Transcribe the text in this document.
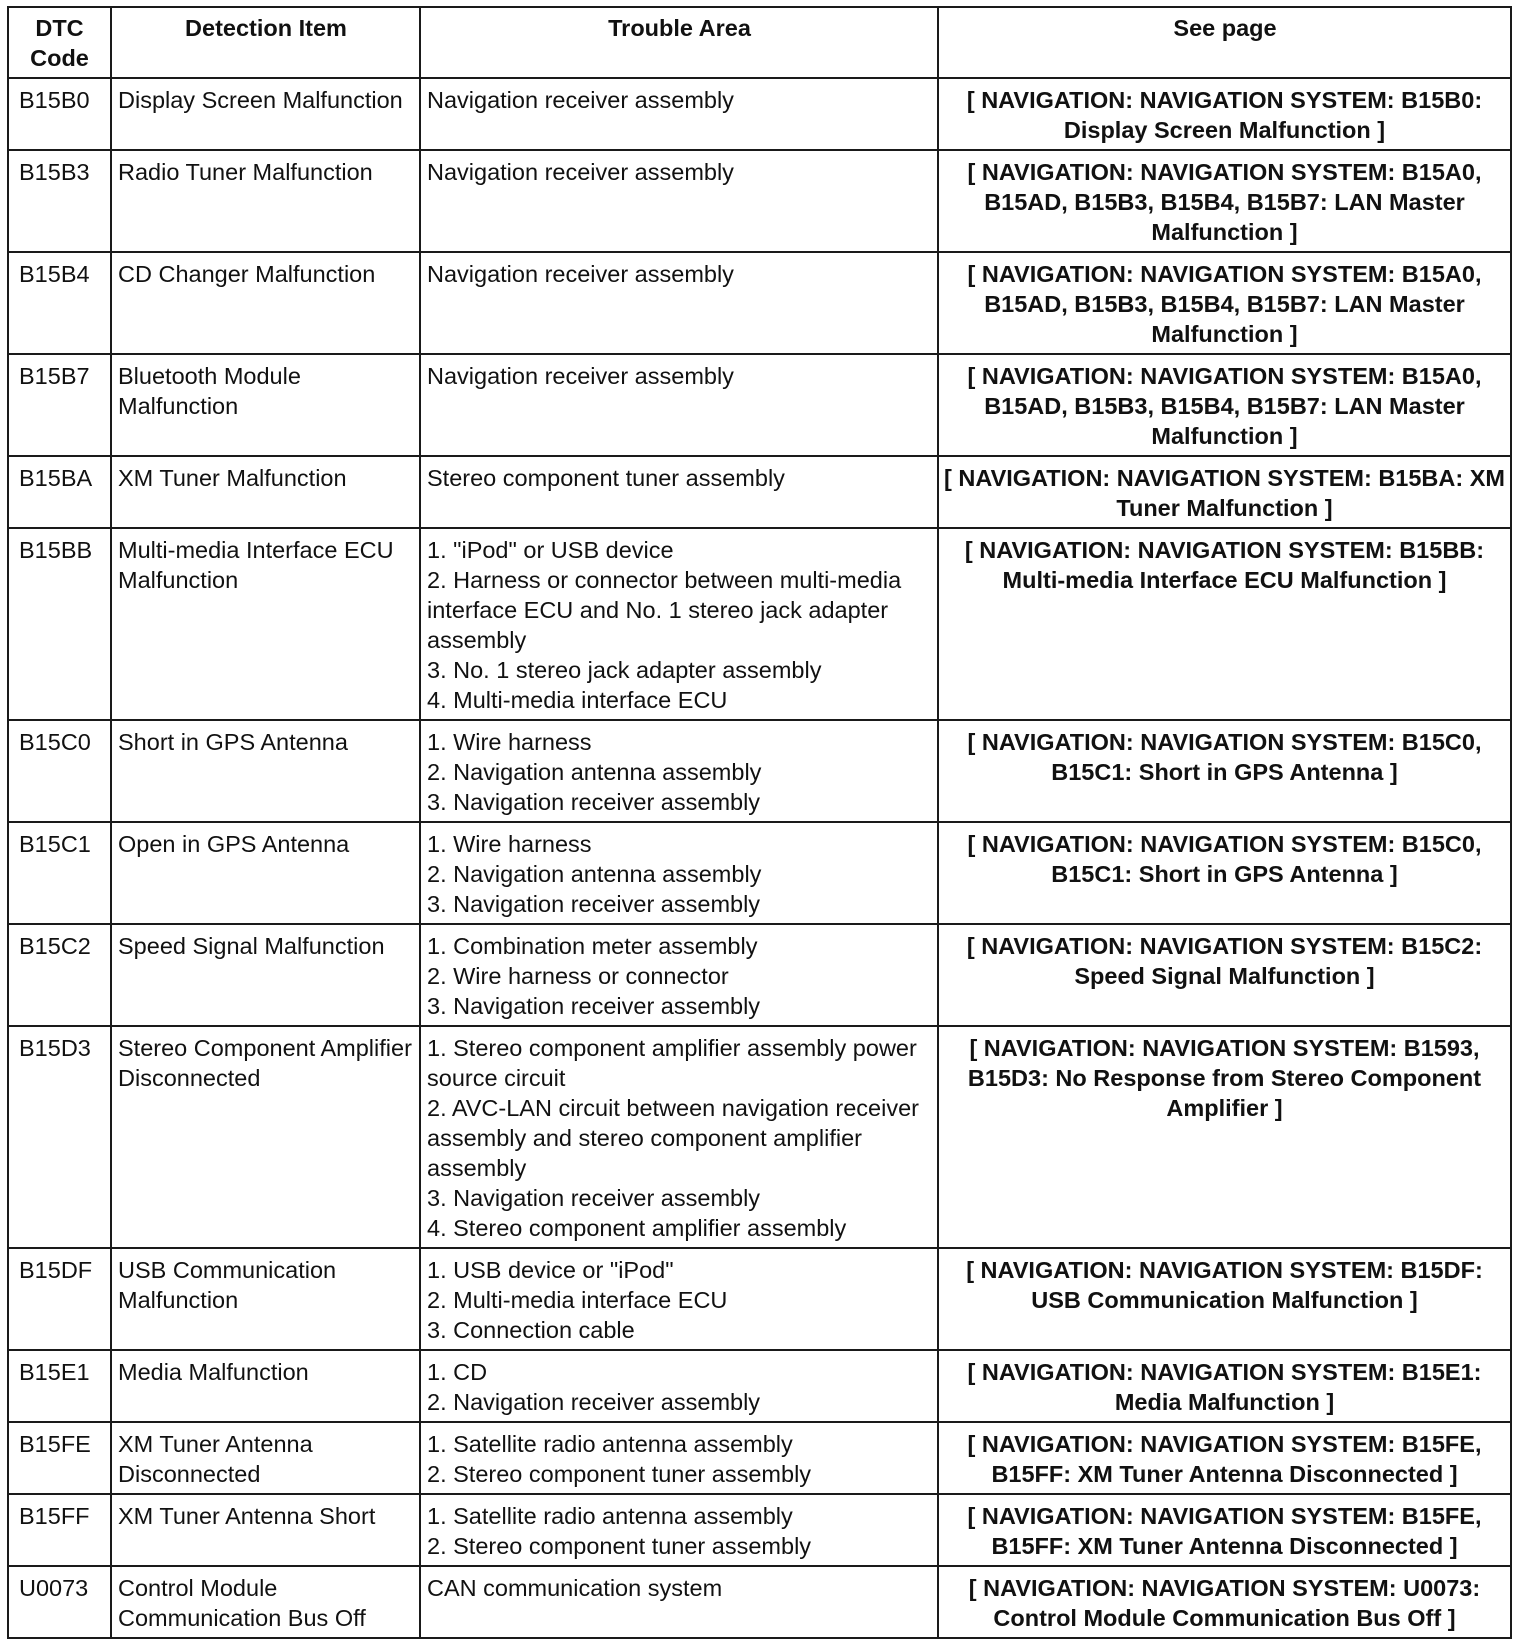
DTC Code	Detection Item	Trouble Area	See page
B15B0	Display Screen Malfunction	Navigation receiver assembly	[ NAVIGATION: NAVIGATION SYSTEM: B15B0: Display Screen Malfunction ]
B15B3	Radio Tuner Malfunction	Navigation receiver assembly	[ NAVIGATION: NAVIGATION SYSTEM: B15A0, B15AD, B15B3, B15B4, B15B7: LAN Master Malfunction ]
B15B4	CD Changer Malfunction	Navigation receiver assembly	[ NAVIGATION: NAVIGATION SYSTEM: B15A0, B15AD, B15B3, B15B4, B15B7: LAN Master Malfunction ]
B15B7	Bluetooth Module Malfunction	Navigation receiver assembly	[ NAVIGATION: NAVIGATION SYSTEM: B15A0, B15AD, B15B3, B15B4, B15B7: LAN Master Malfunction ]
B15BA	XM Tuner Malfunction	Stereo component tuner assembly	[ NAVIGATION: NAVIGATION SYSTEM: B15BA: XM Tuner Malfunction ]
B15BB	Multi-media Interface ECU Malfunction	1. "iPod" or USB device
2. Harness or connector between multi-media interface ECU and No. 1 stereo jack adapter assembly
3. No. 1 stereo jack adapter assembly
4. Multi-media interface ECU	[ NAVIGATION: NAVIGATION SYSTEM: B15BB: Multi-media Interface ECU Malfunction ]
B15C0	Short in GPS Antenna	1. Wire harness
2. Navigation antenna assembly
3. Navigation receiver assembly	[ NAVIGATION: NAVIGATION SYSTEM: B15C0, B15C1: Short in GPS Antenna ]
B15C1	Open in GPS Antenna	1. Wire harness
2. Navigation antenna assembly
3. Navigation receiver assembly	[ NAVIGATION: NAVIGATION SYSTEM: B15C0, B15C1: Short in GPS Antenna ]
B15C2	Speed Signal Malfunction	1. Combination meter assembly
2. Wire harness or connector
3. Navigation receiver assembly	[ NAVIGATION: NAVIGATION SYSTEM: B15C2: Speed Signal Malfunction ]
B15D3	Stereo Component Amplifier Disconnected	1. Stereo component amplifier assembly power source circuit
2. AVC-LAN circuit between navigation receiver assembly and stereo component amplifier assembly
3. Navigation receiver assembly
4. Stereo component amplifier assembly	[ NAVIGATION: NAVIGATION SYSTEM: B1593, B15D3: No Response from Stereo Component Amplifier ]
B15DF	USB Communication Malfunction	1. USB device or "iPod"
2. Multi-media interface ECU
3. Connection cable	[ NAVIGATION: NAVIGATION SYSTEM: B15DF: USB Communication Malfunction ]
B15E1	Media Malfunction	1. CD
2. Navigation receiver assembly	[ NAVIGATION: NAVIGATION SYSTEM: B15E1: Media Malfunction ]
B15FE	XM Tuner Antenna Disconnected	1. Satellite radio antenna assembly
2. Stereo component tuner assembly	[ NAVIGATION: NAVIGATION SYSTEM: B15FE, B15FF: XM Tuner Antenna Disconnected ]
B15FF	XM Tuner Antenna Short	1. Satellite radio antenna assembly
2. Stereo component tuner assembly	[ NAVIGATION: NAVIGATION SYSTEM: B15FE, B15FF: XM Tuner Antenna Disconnected ]
U0073	Control Module Communication Bus Off	CAN communication system	[ NAVIGATION: NAVIGATION SYSTEM: U0073: Control Module Communication Bus Off ]
